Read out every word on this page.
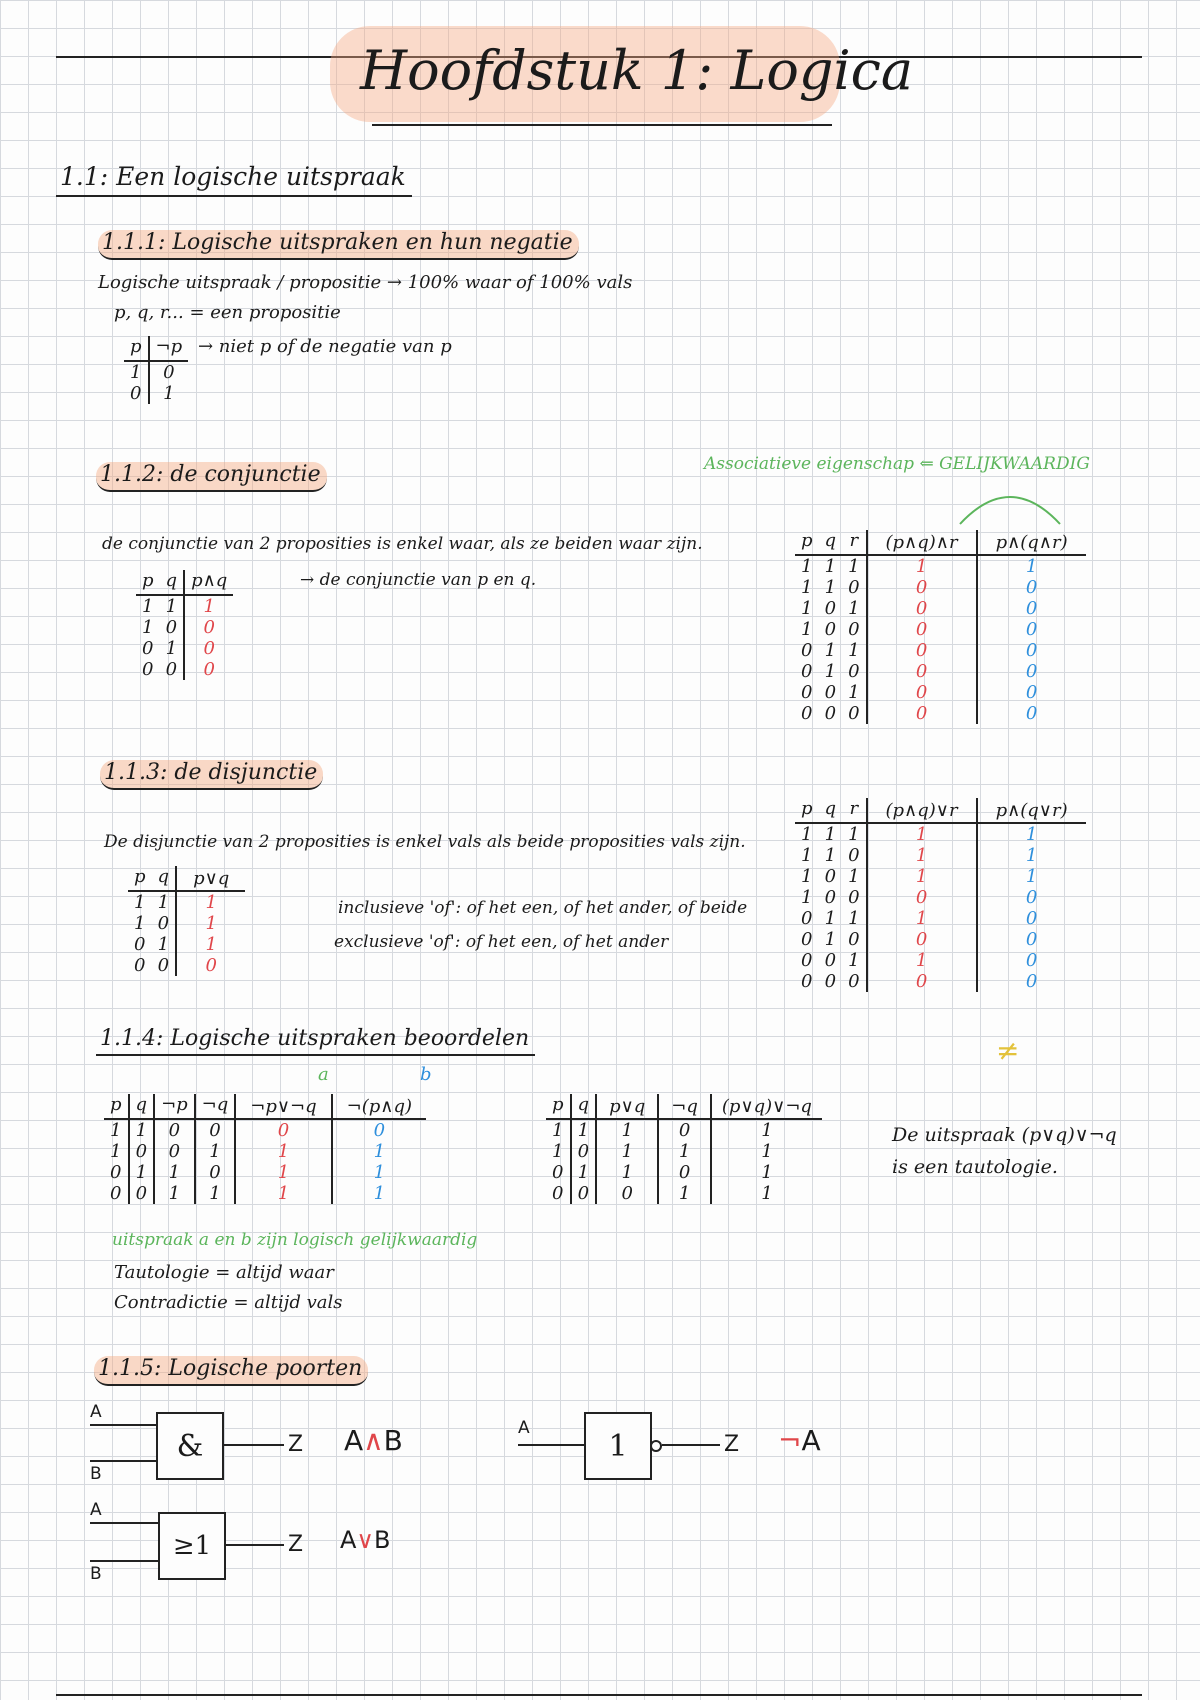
Hoofdstuk 1: Logica
1.1: Een logische uitspraak
1.1.1: Logische uitspraken en hun negatie
Logische uitspraak / propositie → 100% waar of 100% vals
p, q, r... = een propositie
p	¬p
1	0
0	1
→ niet p of de negatie van p
1.1.2: de conjunctie
de conjunctie van 2 proposities is enkel waar, als ze beiden waar zijn.
p	q	p∧q
1	1	1
1	0	0
0	1	0
0	0	0
→ de conjunctie van p en q.
Associatieve eigenschap ⇐ GELIJKWAARDIG
p	q	r	(p∧q)∧r	p∧(q∧r)
1	1	1	1	1
1	1	0	0	0
1	0	1	0	0
1	0	0	0	0
0	1	1	0	0
0	1	0	0	0
0	0	1	0	0
0	0	0	0	0
p	q	r	(p∧q)∨r	p∧(q∨r)
1	1	1	1	1
1	1	0	1	1
1	0	1	1	1
1	0	0	0	0
0	1	1	1	0
0	1	0	0	0
0	0	1	1	0
0	0	0	0	0
≠
1.1.3: de disjunctie
De disjunctie van 2 proposities is enkel vals als beide proposities vals zijn.
p	q	p∨q
1	1	1
1	0	1
0	1	1
0	0	0
inclusieve 'of': of het een, of het ander, of beide
exclusieve 'of': of het een, of het ander
1.1.4: Logische uitspraken beoordelen
a	b
p	q	¬p	¬q	¬p∨¬q	¬(p∧q)
1	1	0	0	0	0
1	0	0	1	1	1
0	1	1	0	1	1
0	0	1	1	1	1
p	q	p∨q	¬q	(p∨q)∨¬q
1	1	1	0	1
1	0	1	1	1
0	1	1	0	1
0	0	0	1	1
De uitspraak (p∨q)∨¬q
is een tautologie.
uitspraak a en b zijn logisch gelijkwaardig
Tautologie = altijd waar
Contradictie = altijd vals
1.1.5: Logische poorten
A
B
&	Z A∧B	A
1	Z ¬A
A
B
≥1	Z A∨B
